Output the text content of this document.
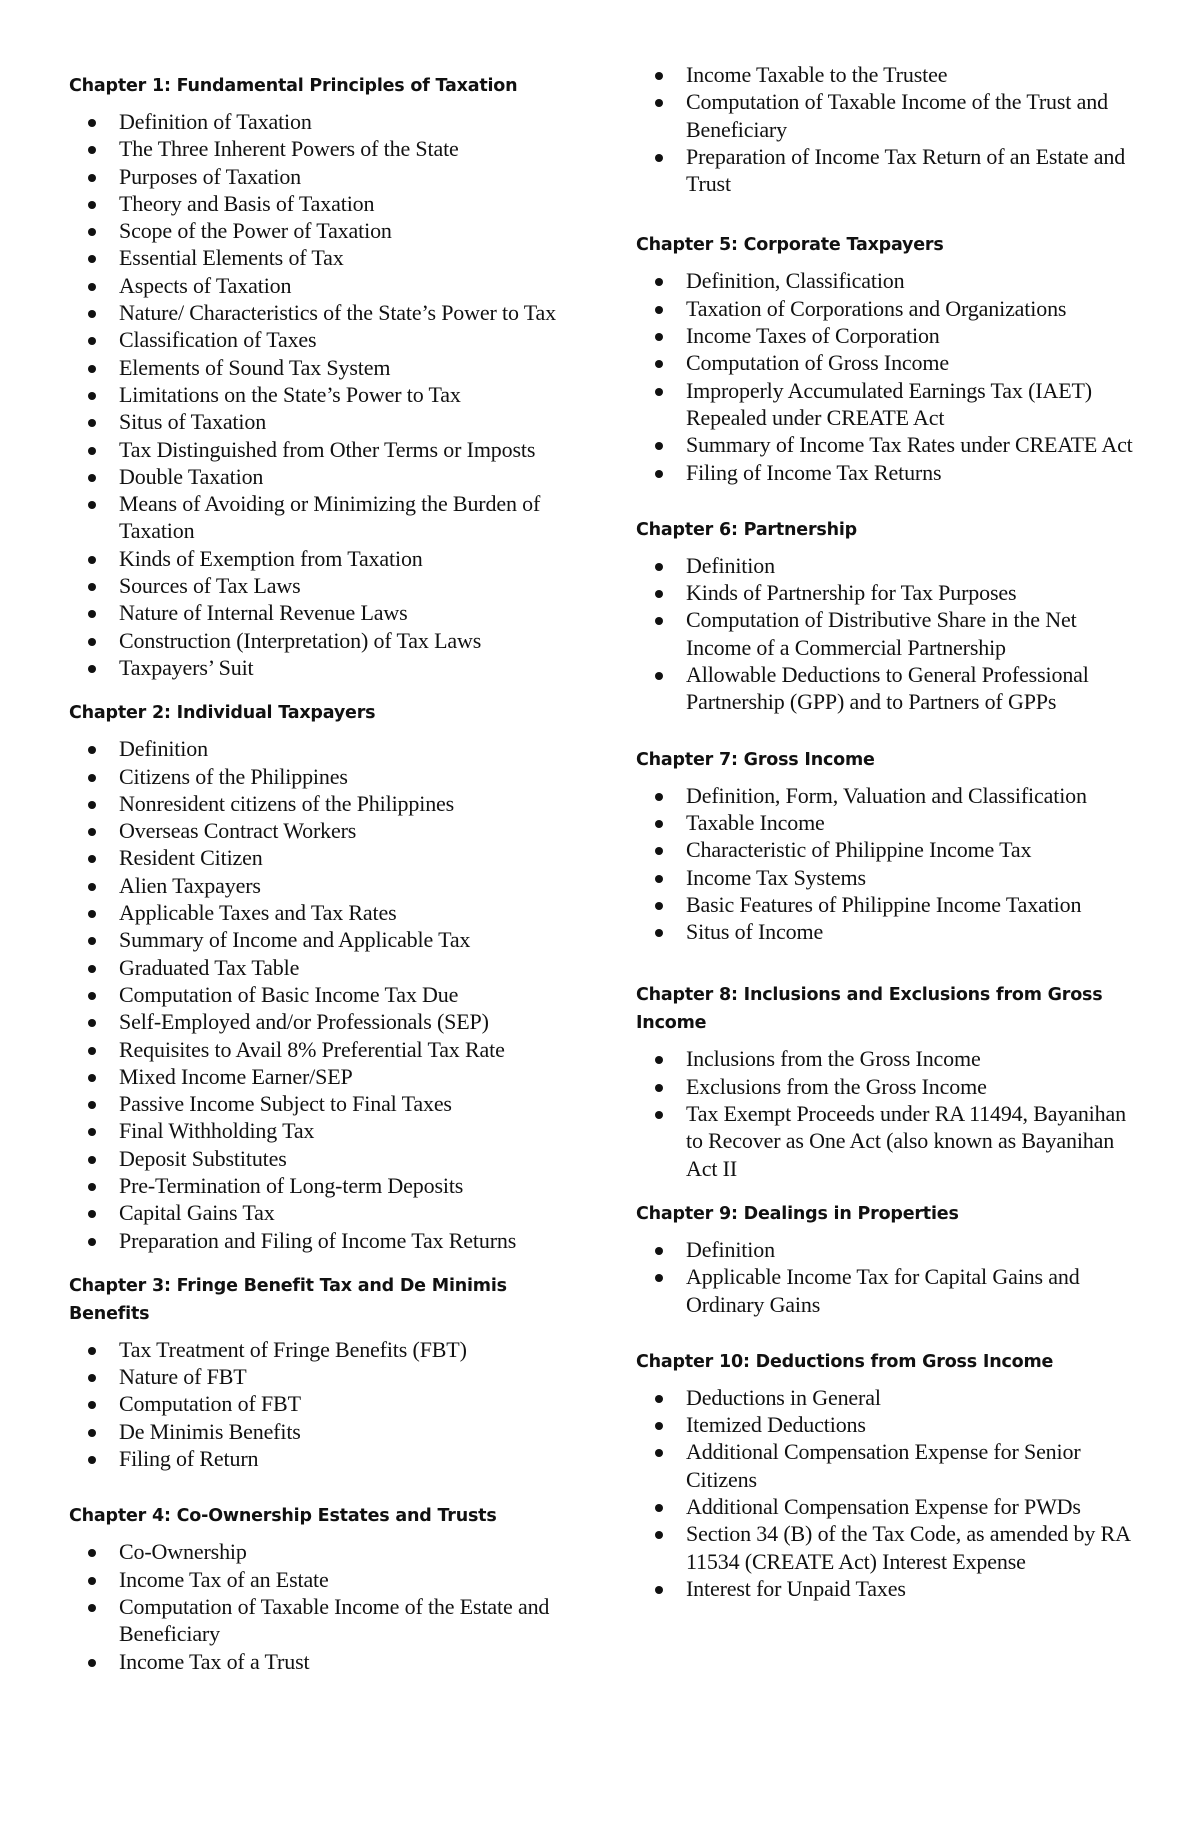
Chapter 1: Fundamental Principles of Taxation
Definition of Taxation
The Three Inherent Powers of the State
Purposes of Taxation
Theory and Basis of Taxation
Scope of the Power of Taxation
Essential Elements of Tax
Aspects of Taxation
Nature/ Characteristics of the State’s Power to Tax
Classification of Taxes
Elements of Sound Tax System
Limitations on the State’s Power to Tax
Situs of Taxation
Tax Distinguished from Other Terms or Imposts
Double Taxation
Means of Avoiding or Minimizing the Burden of Taxation
Kinds of Exemption from Taxation
Sources of Tax Laws
Nature of Internal Revenue Laws
Construction (Interpretation) of Tax Laws
Taxpayers’ Suit
Chapter 2: Individual Taxpayers
Definition
Citizens of the Philippines
Nonresident citizens of the Philippines
Overseas Contract Workers
Resident Citizen
Alien Taxpayers
Applicable Taxes and Tax Rates
Summary of Income and Applicable Tax
Graduated Tax Table
Computation of Basic Income Tax Due
Self-Employed and/or Professionals (SEP)
Requisites to Avail 8% Preferential Tax Rate
Mixed Income Earner/SEP
Passive Income Subject to Final Taxes
Final Withholding Tax
Deposit Substitutes
Pre-Termination of Long-term Deposits
Capital Gains Tax
Preparation and Filing of Income Tax Returns
Chapter 3: Fringe Benefit Tax and De Minimis Benefits
Tax Treatment of Fringe Benefits (FBT)
Nature of FBT
Computation of FBT
De Minimis Benefits
Filing of Return
Chapter 4: Co-Ownership Estates and Trusts
Co-Ownership
Income Tax of an Estate
Computation of Taxable Income of the Estate and Beneficiary
Income Tax of a Trust
Income Taxable to the Trustee
Computation of Taxable Income of the Trust and Beneficiary
Preparation of Income Tax Return of an Estate and Trust
Chapter 5: Corporate Taxpayers
Definition, Classification
Taxation of Corporations and Organizations
Income Taxes of Corporation
Computation of Gross Income
Improperly Accumulated Earnings Tax (IAET) Repealed under CREATE Act
Summary of Income Tax Rates under CREATE Act
Filing of Income Tax Returns
Chapter 6: Partnership
Definition
Kinds of Partnership for Tax Purposes
Computation of Distributive Share in the Net Income of a Commercial Partnership
Allowable Deductions to General Professional Partnership (GPP) and to Partners of GPPs
Chapter 7: Gross Income
Definition, Form, Valuation and Classification
Taxable Income
Characteristic of Philippine Income Tax
Income Tax Systems
Basic Features of Philippine Income Taxation
Situs of Income
Chapter 8: Inclusions and Exclusions from Gross Income
Inclusions from the Gross Income
Exclusions from the Gross Income
Tax Exempt Proceeds under RA 11494, Bayanihan to Recover as One Act (also known as Bayanihan Act II
Chapter 9: Dealings in Properties
Definition
Applicable Income Tax for Capital Gains and Ordinary Gains
Chapter 10: Deductions from Gross Income
Deductions in General
Itemized Deductions
Additional Compensation Expense for Senior Citizens
Additional Compensation Expense for PWDs
Section 34 (B) of the Tax Code, as amended by RA 11534 (CREATE Act) Interest Expense
Interest for Unpaid Taxes
